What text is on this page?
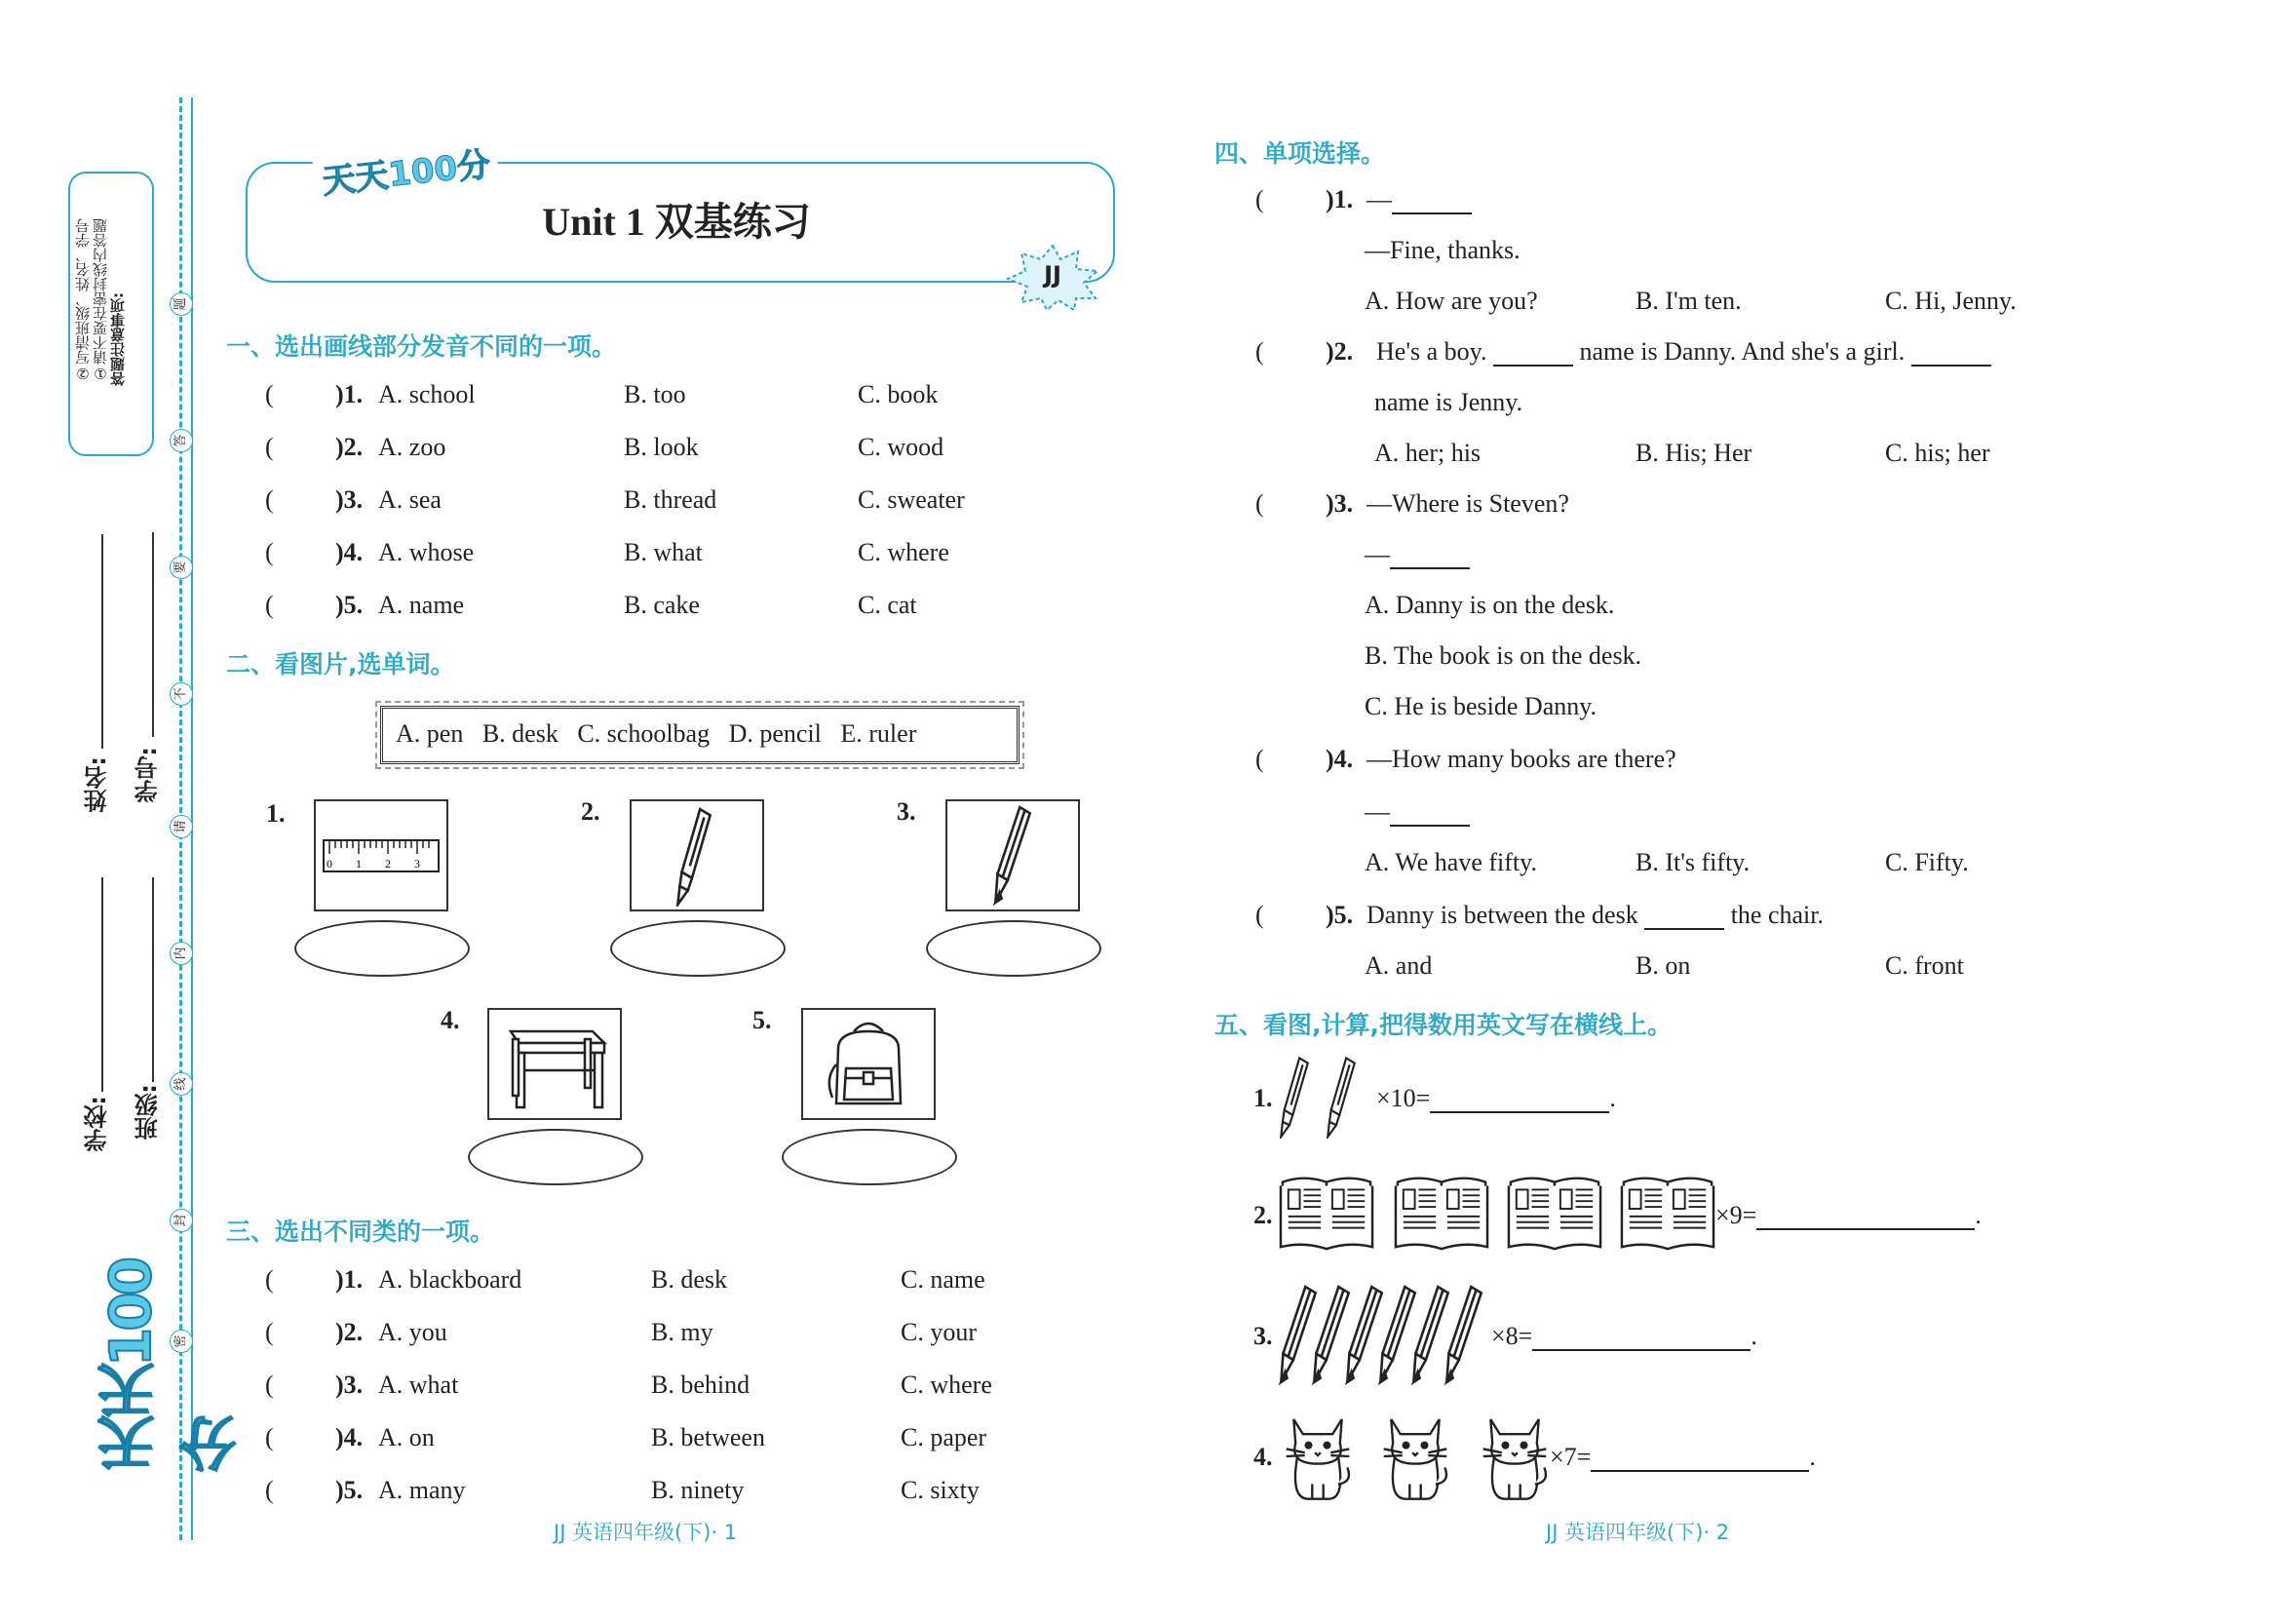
答题注意事项:
①请不要在密封线内答题
②写清班级、姓名、学号
姓名: 学号:
学校: 班级:
题
答
要
不
请
内
线
封
密
天天100分
天天100分
Unit 1 双基练习
JJ
一、选出画线部分发音不同的一项。
( )1. A. school	B. too	C. book
( )2. A. zoo	B. look	C. wood
( )3. A. sea	B. thread	C. sweater
( )4. A. whose	B. what	C. where
( )5. A. name	B. cake	C. cat
二、看图片,选单词。
A. pen   B. desk   C. schoolbag   D. pencil   E. ruler
1.
0 1 2 3
2.	3.
4.	5.
三、选出不同类的一项。
( )1. A. blackboard	B. desk	C. name
( )2. A. you	B. my	C. your
( )3. A. what	B. behind	C. where
( )4. A. on	B. between	C. paper
( )5. A. many	B. ninety	C. sixty
JJ 英语四年级(下)· 1
四、单项选择。
( )1. —
—Fine, thanks.
A. How are you?	B. I'm ten.	C. Hi, Jenny.
( )2. He's a boy.	name is Danny. And she's a girl.
name is Jenny.
A. her; his	B. His; Her	C. his; her
( )3. —Where is Steven?
—
A. Danny is on the desk.
B. The book is on the desk.
C. He is beside Danny.
( )4. —How many books are there?
—
A. We have fifty.	B. It's fifty.	C. Fifty.
( )5. Danny is between the desk	the chair.
A. and	B. on	C. front
五、看图,计算,把得数用英文写在横线上。
1.	×10=	.
2.	×9=	.
3.	×8=	.
4.	×7=	.
JJ 英语四年级(下)· 2
